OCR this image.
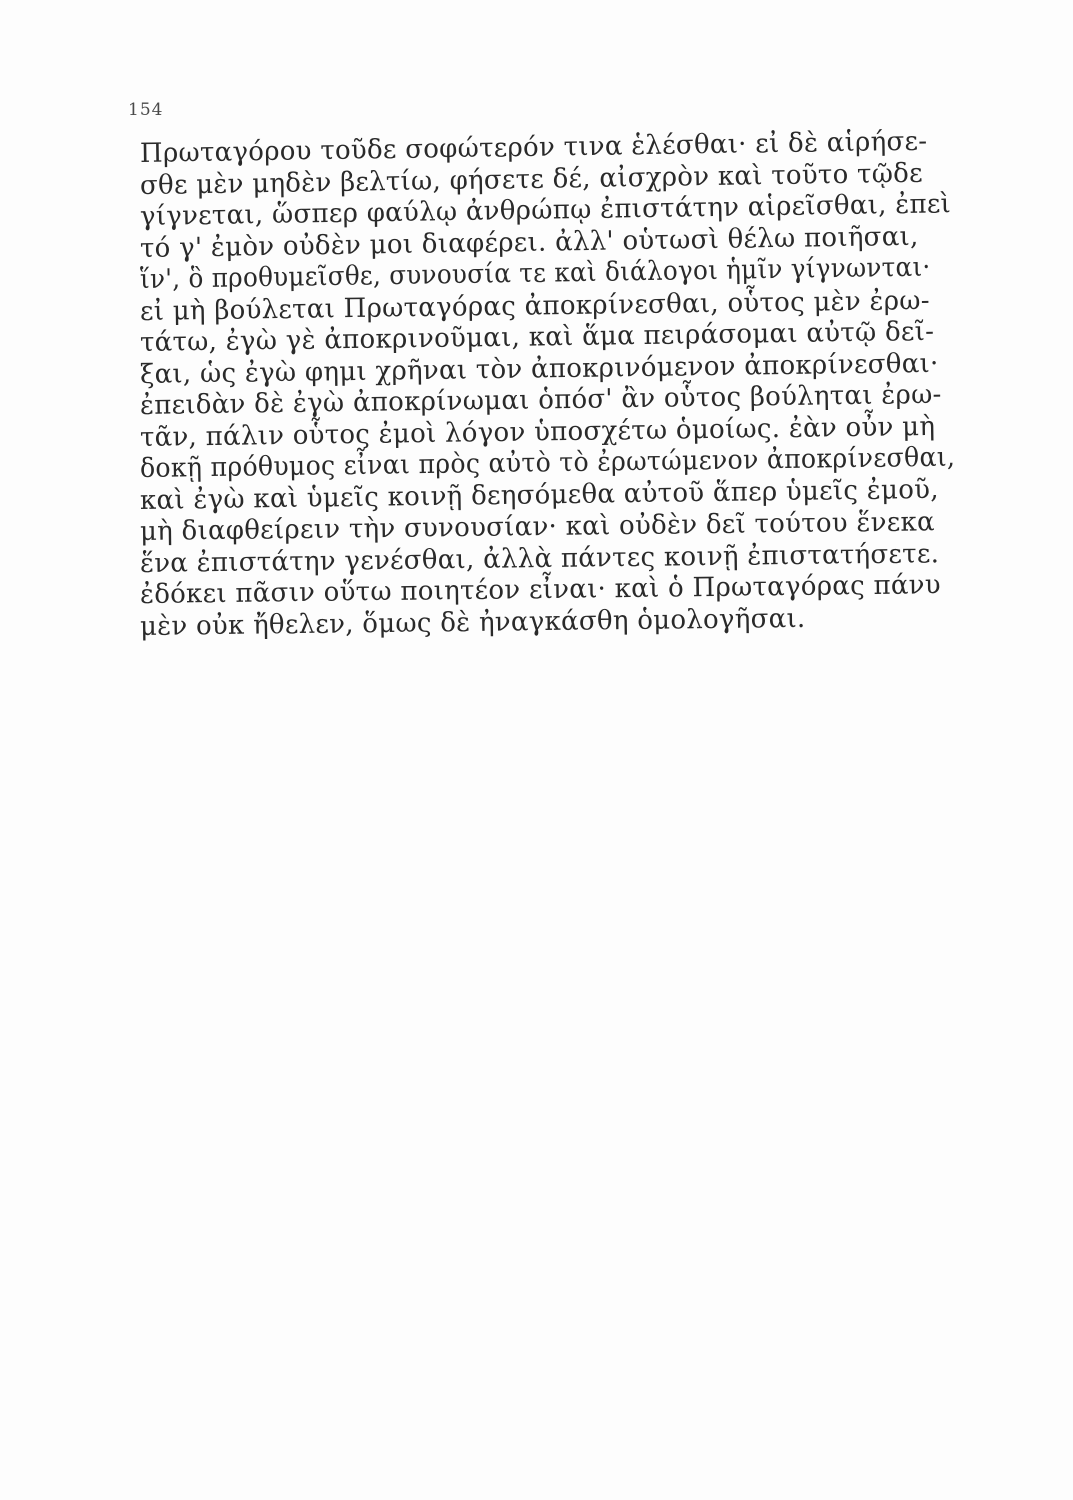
154
Πρωταγόρου τοῦδε σοφώτερόν τινα ἑλέσθαι· εἰ δὲ αἱρήσε-
σθε μὲν μηδὲν βελτίω, φήσετε δέ, αἰσχρὸν καὶ τοῦτο τῷδε
γίγνεται, ὥσπερ φαύλῳ ἀνθρώπῳ ἐπιστάτην αἱρεῖσθαι, ἐπεὶ
τό γ' ἐμὸν οὐδὲν μοι διαφέρει. ἀλλ' οὑτωσὶ θέλω ποιῆσαι,
ἵν', ὃ προθυμεῖσθε, συνουσία τε καὶ διάλογοι ἡμῖν γίγνωνται·
εἰ μὴ βούλεται Πρωταγόρας ἀποκρίνεσθαι, οὗτος μὲν ἐρω-
τάτω, ἐγὼ γὲ ἀποκρινοῦμαι, καὶ ἅμα πειράσομαι αὐτῷ δεῖ-
ξαι, ὡς ἐγὼ φημι χρῆναι τὸν ἀποκρινόμενον ἀποκρίνεσθαι·
ἐπειδὰν δὲ ἐγὼ ἀποκρίνωμαι ὁπόσ' ἂν οὗτος βούληται ἐρω-
τᾶν, πάλιν οὗτος ἐμοὶ λόγον ὑποσχέτω ὁμοίως. ἐὰν οὖν μὴ
δοκῇ πρόθυμος εἶναι πρὸς αὐτὸ τὸ ἐρωτώμενον ἀποκρίνεσθαι,
καὶ ἐγὼ καὶ ὑμεῖς κοινῇ δεησόμεθα αὐτοῦ ἅπερ ὑμεῖς ἐμοῦ,
μὴ διαφθείρειν τὴν συνουσίαν· καὶ οὐδὲν δεῖ τούτου ἕνεκα
ἕνα ἐπιστάτην γενέσθαι, ἀλλὰ πάντες κοινῇ ἐπιστατήσετε.
ἐδόκει πᾶσιν οὕτω ποιητέον εἶναι· καὶ ὁ Πρωταγόρας πάνυ
μὲν οὐκ ἤθελεν, ὅμως δὲ ἠναγκάσθη ὁμολογῆσαι.
